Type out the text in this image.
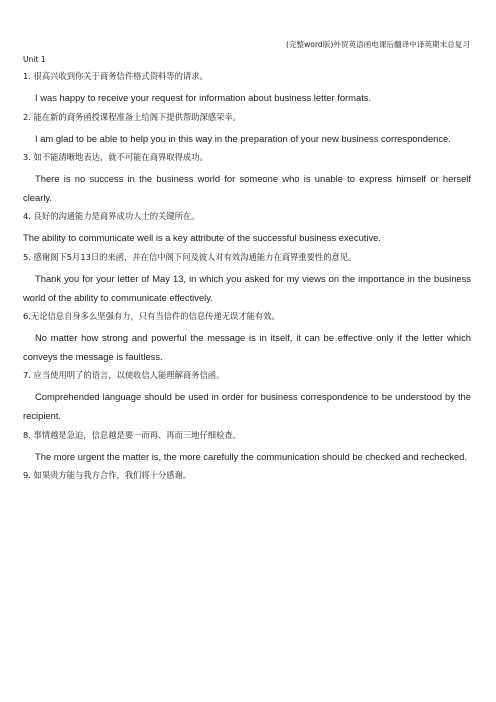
(完整word版)外贸英语函电课后翻译中译英期末总复习
Unit 1

1. 很高兴收到你关于商务信件格式资料等的请求。

I was happy to receive your request for information about business letter formats.

2. 能在新的商务函授课程准备上给阁下提供帮助深感荣幸。

I am glad to be able to help you in this way in the preparation of your new business correspondence.

3. 如不能清晰地表达，就不可能在商界取得成功。

There is no success in the business world for someone who is unable to express himself or herself clearly.

4. 良好的沟通能力是商界成功人士的关键所在。

The ability to communicate well is a key attribute of the successful business executive.

5. 感谢阁下5月13日的来函，并在信中阁下问及彼人对有效沟通能力在商界重要性的意见。

Thank you for your letter of May 13, in which you asked for my views on the importance in the business world of the ability to communicate effectively.

6.无论信息自身多么坚强有力，只有当信件的信息传递无误才能有效。

No matter how strong and powerful the message is in itself, it can be effective only if the letter which conveys the message is faultless.

7. 应当使用明了的语言，以使收信人能理解商务信函。

Comprehended language should be used in order for business correspondence to be understood by the recipient.

8. 事情越是急迫，信息越是要一而再、再而三地仔细检查。

The more urgent the matter is, the more carefully the communication should be checked and rechecked.

9. 如果贵方能与我方合作，我们将十分感谢。
